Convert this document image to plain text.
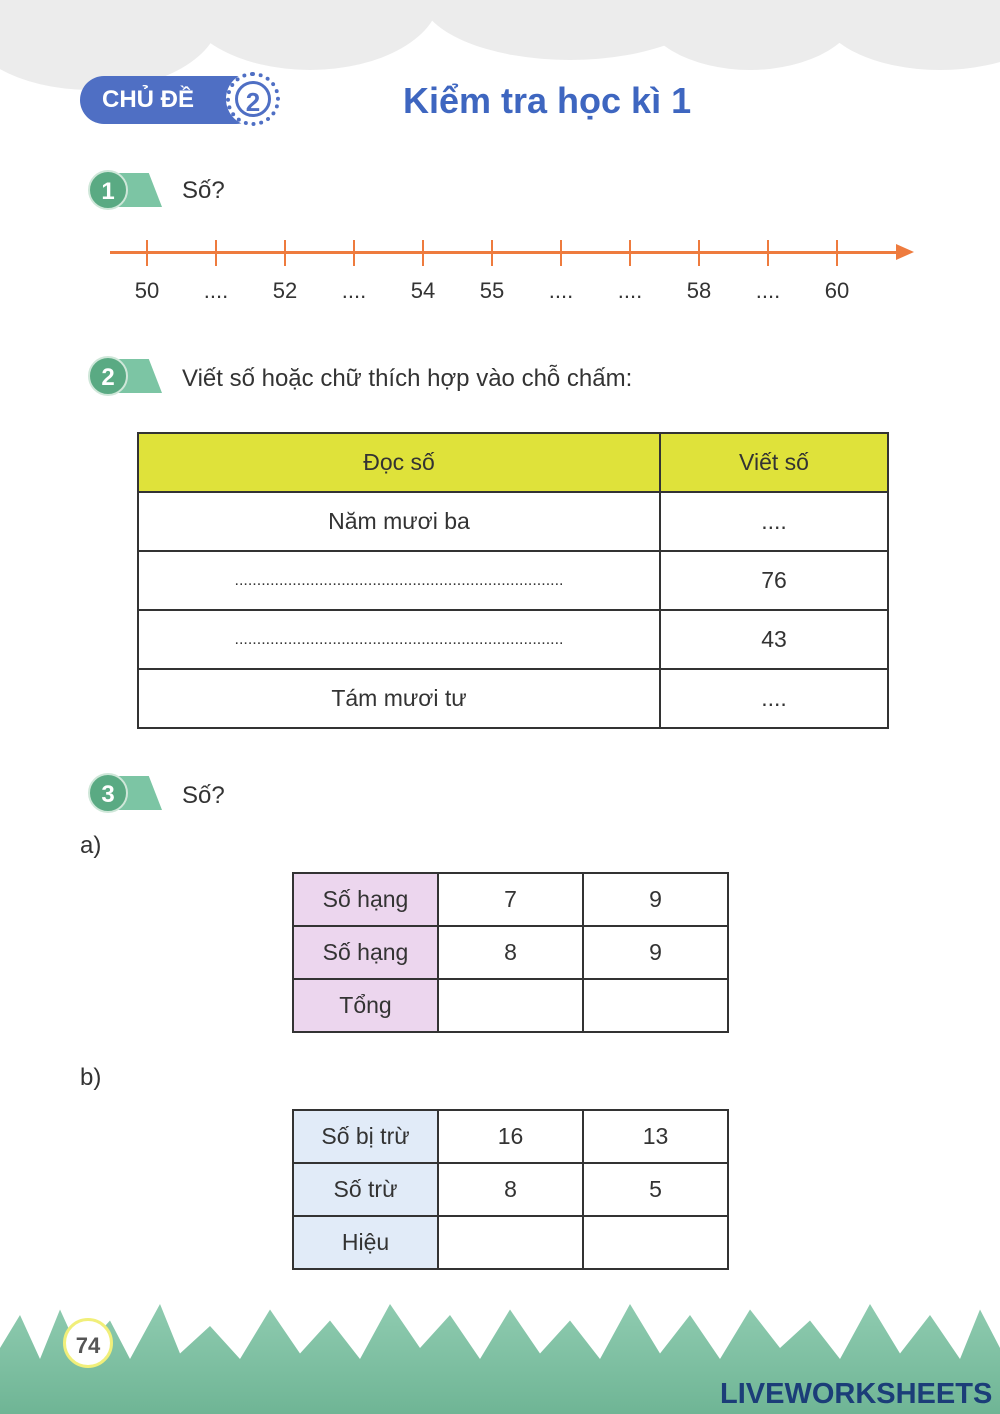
CHỦ ĐỀ	2	Kiểm tra học kì 1
1	Số?
50	....	52	....	54	55	....	....	58	....	60
2	Viết số hoặc chữ thích hợp vào chỗ chấm:
Đọc số	Viết số
Năm mươi ba	....
..........................................................................	76
..........................................................................	43
Tám mươi tư	....
3	Số?
a)
Số hạng	7	9
Số hạng	8	9
Tổng		
b)
Số bị trừ	16	13
Số trừ	8	5
Hiệu		
74
LIVEWORKSHEETS
